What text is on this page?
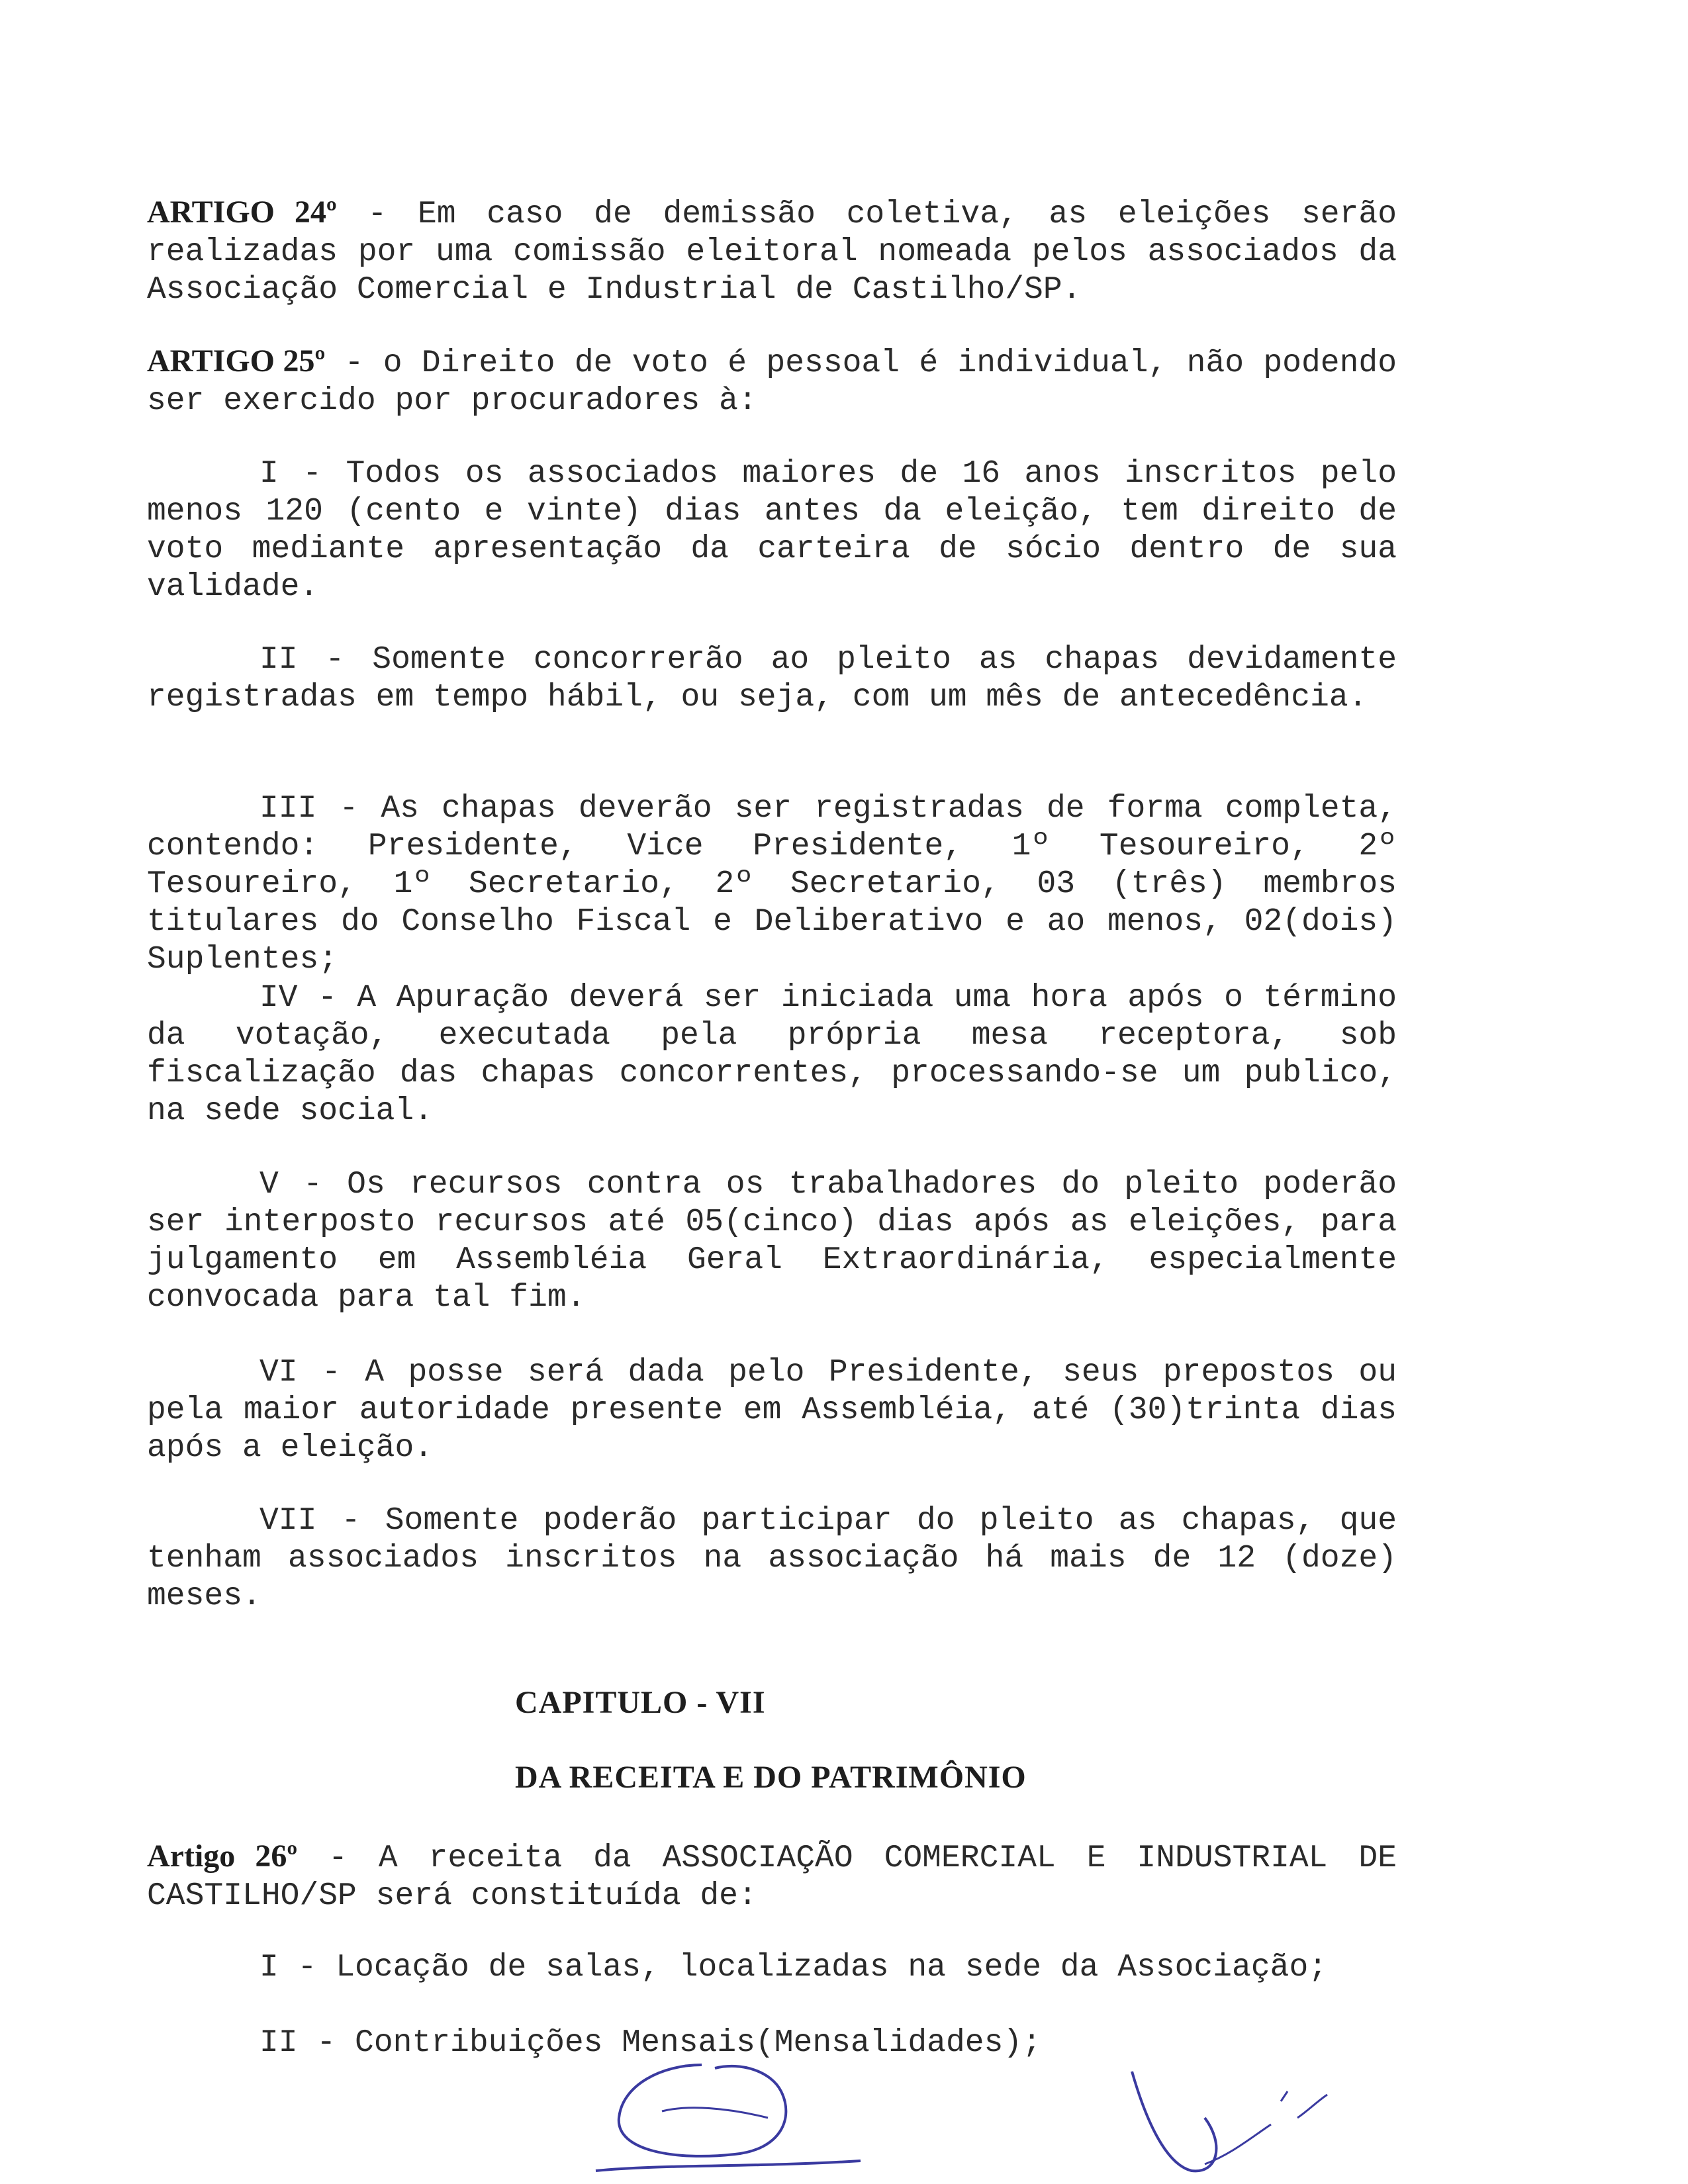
ARTIGO 24º - Em caso de demissão coletiva, as eleições serão realizadas por uma comissão eleitoral nomeada pelos associados da Associação Comercial e Industrial de Castilho/SP.

ARTIGO 25º - o Direito de voto é pessoal é individual, não podendo ser exercido por procuradores à:

I - Todos os associados maiores de 16 anos inscritos pelo menos 120 (cento e vinte) dias antes da eleição, tem direito de voto mediante apresentação da carteira de sócio dentro de sua validade.

II - Somente concorrerão ao pleito as chapas devidamente registradas em tempo hábil, ou seja, com um mês de antecedência.

III - As chapas deverão ser registradas de forma completa, contendo: Presidente, Vice Presidente, 1º Tesoureiro, 2º Tesoureiro, 1º Secretario, 2º Secretario, 03 (três) membros titulares do Conselho Fiscal e Deliberativo e ao menos, 02(dois) Suplentes;

IV - A Apuração deverá ser iniciada uma hora após o término da votação, executada pela própria mesa receptora, sob fiscalização das chapas concorrentes, processando-se um publico, na sede social.

V - Os recursos contra os trabalhadores do pleito poderão ser interposto recursos até 05(cinco) dias após as eleições, para julgamento em Assembléia Geral Extraordinária, especialmente convocada para tal fim.

VI - A posse será dada pelo Presidente, seus prepostos ou pela maior autoridade presente em Assembléia, até (30)trinta dias após a eleição.

VII - Somente poderão participar do pleito as chapas, que tenham associados inscritos na associação há mais de 12 (doze) meses.

CAPITULO - VII
DA RECEITA E DO PATRIMÔNIO

Artigo 26º - A receita da ASSOCIAÇÃO COMERCIAL E INDUSTRIAL DE CASTILHO/SP será constituída de:

I - Locação de salas, localizadas na sede da Associação;

II - Contribuições Mensais(Mensalidades);
